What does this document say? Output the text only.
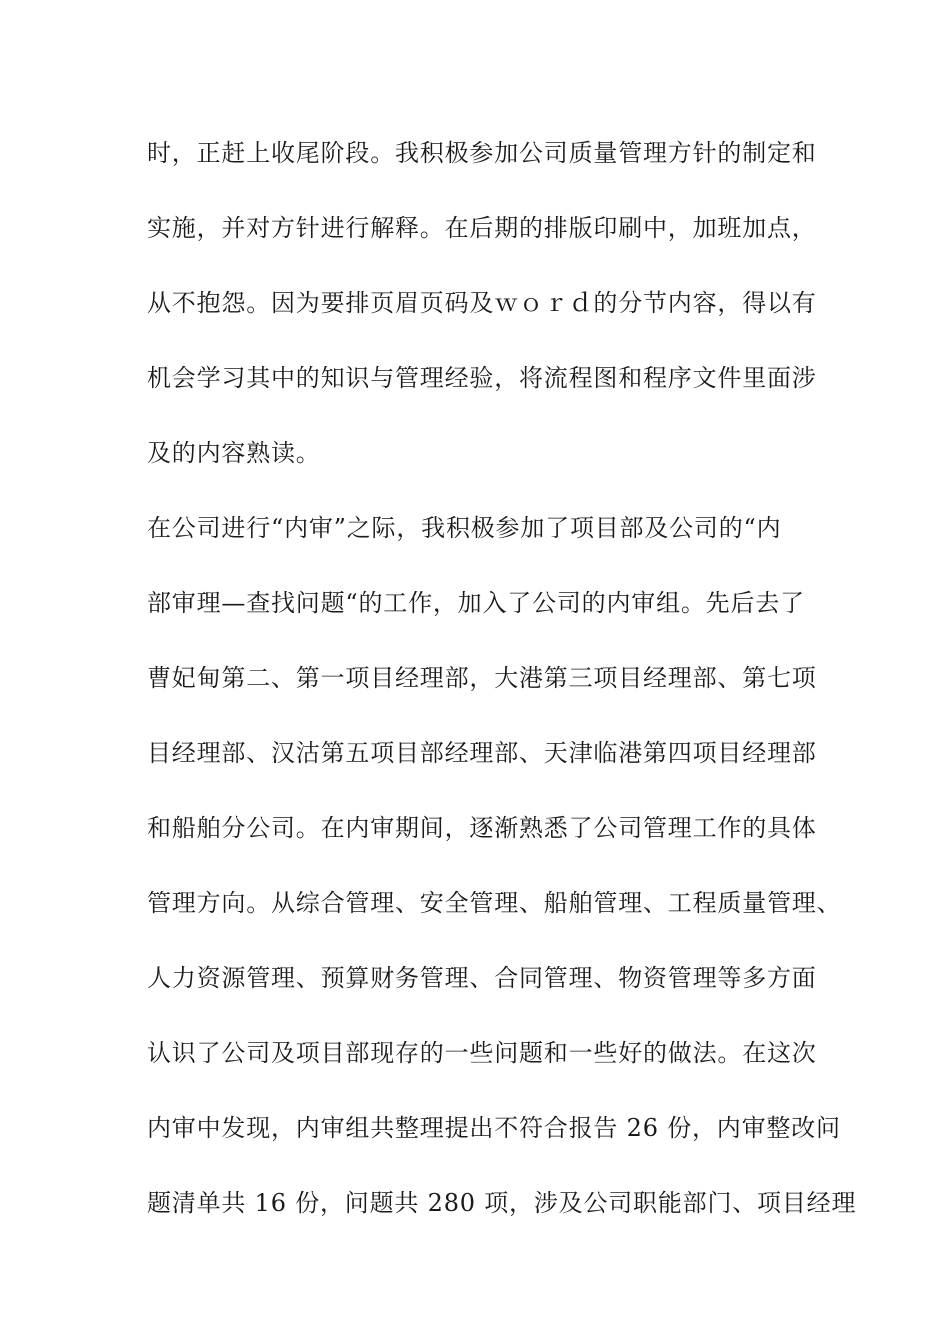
时，正赶上收尾阶段。我积极参加公司质量管理方针的制定和
实施，并对方针进行解释。在后期的排版印刷中，加班加点，
从不抱怨。因为要排页眉页码及ｗｏｒｄ的分节内容，得以有
机会学习其中的知识与管理经验，将流程图和程序文件里面涉
及的内容熟读。
在公司进行“内审”之际，我积极参加了项目部及公司的“内
部审理—查找问题“的工作，加入了公司的内审组。先后去了
曹妃甸第二、第一项目经理部，大港第三项目经理部、第七项
目经理部、汉沽第五项目部经理部、天津临港第四项目经理部
和船舶分公司。在内审期间，逐渐熟悉了公司管理工作的具体
管理方向。从综合管理、安全管理、船舶管理、工程质量管理、
人力资源管理、预算财务管理、合同管理、物资管理等多方面
认识了公司及项目部现存的一些问题和一些好的做法。在这次
内审中发现，内审组共整理提出不符合报告 26 份，内审整改问
题清单共 16 份，问题共 280 项，涉及公司职能部门、项目经理
